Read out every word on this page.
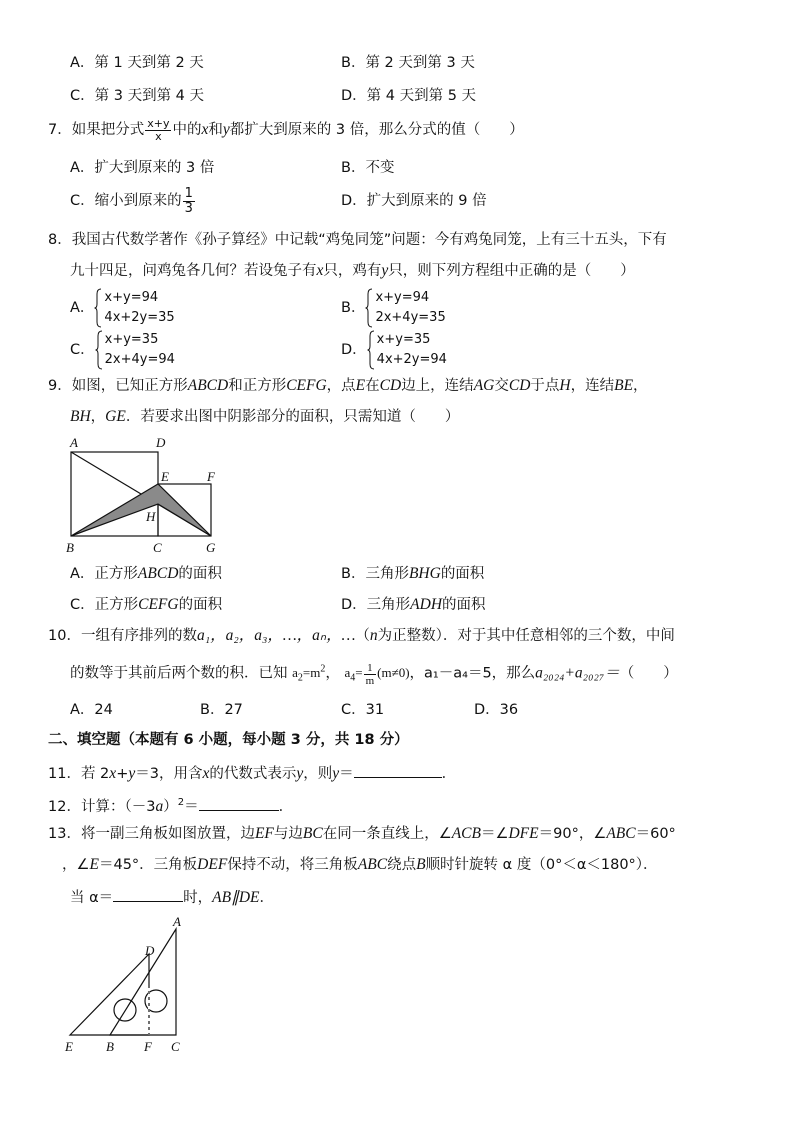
A．第 1 天到第 2 天	B．第 2 天到第 3 天
C．第 3 天到第 4 天	D．第 4 天到第 5 天
7．如果把分式 $\frac{x+y}{x}$ 中的x和y都扩大到原来的 3 倍，那么分式的值（　　）
A．扩大到原来的 3 倍	B．不变
C．缩小到原来的 $\frac{1}{3}$	D．扩大到原来的 9 倍
8．我国古代数学著作《孙子算经》中记载“鸡兔同笼”问题：今有鸡兔同笼，上有三十五头，下有
九十四足，问鸡兔各几何？若设兔子有x只，鸡有y只，则下列方程组中正确的是（　　）
A．
x+y=94
4x+2y=35
B．
x+y=94
2x+4y=35
C．
x+y=35
2x+4y=94
D．
x+y=35
4x+2y=94
9．如图，已知正方形ABCD和正方形CEFG，点E在CD边上，连结AG交CD于点H，连结BE，
BH，GE．若要求出图中阴影部分的面积，只需知道（　　）
A	D
E	F
H
B	C	G
A．正方形ABCD的面积	B．三角形BHG的面积
C．正方形CEFG的面积	D．三角形ADH的面积
10．一组有序排列的数a₁，a₂，a₃，…，aₙ，…（n为正整数）．对于其中任意相邻的三个数，中间
的数等于其前后两个数的积．已知 $a_2=m^2$， $a_4= \frac{1}{m} (m\ne 0)$，a₁－a₄＝5，那么a₂₀₂₄+a₂₀₂₇＝（　　）
A．24	B．27	C．31	D．36
二、填空题（本题有 6 小题，每小题 3 分，共 18 分）
11．若 2x+y＝3，用含x的代数式表示y，则y＝	．
12．计算：$(-3a)^2=$	．
13．将一副三角板如图放置，边EF与边BC在同一条直线上，∠ACB＝∠DFE＝90°，∠ABC＝60°
，∠E＝45°．三角板DEF保持不动，将三角板ABC绕点B顺时针旋转 α 度（0°＜α＜180°）．
当 α＝	时，AB∥DE．
A
D
E	B F C
